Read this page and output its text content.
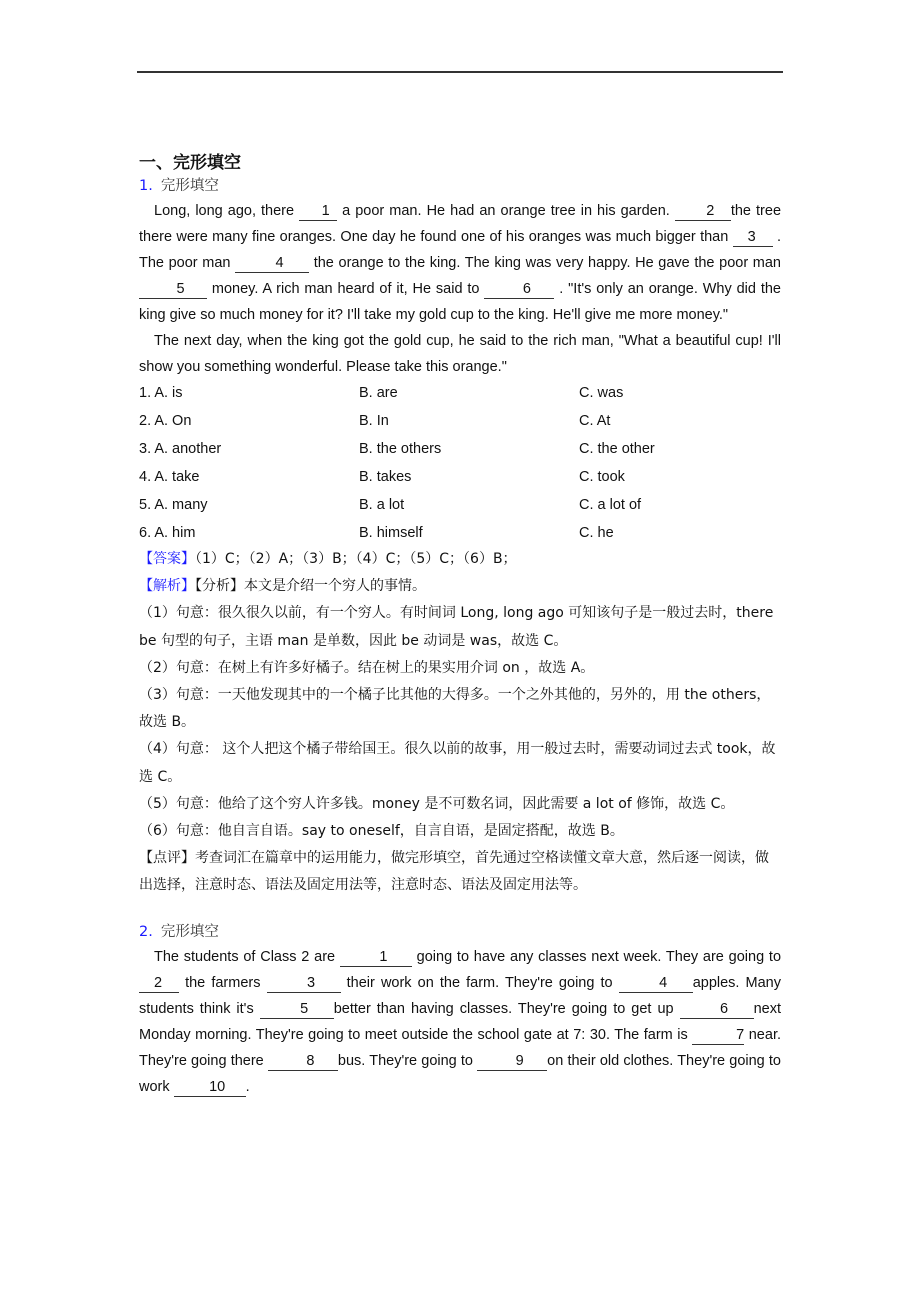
一、完形填空
1. 完形填空

Long, long ago, there 1 a poor man. He had an orange tree in his garden. 2 the tree there were many fine oranges. One day he found one of his oranges was much bigger than 3 . The poor man	4 the orange to the king. The king was very happy. He gave the poor man 5 money. A rich man heard of it, He said to	6 . "It's only an orange. Why did the king give so much money for it? I'll take my gold cup to the king. He'll give me more money."

The next day, when the king got the gold cup, he said to the rich man, "What a beautiful cup! I'll show you something wonderful. Please take this orange."

1. A. is	B. are	C. was
2. A. On	B. In	C. At
3. A. another	B. the others	C. the other
4. A. take	B. takes	C. took
5. A. many	B. a lot	C. a lot of
6. A. him	B. himself	C. he

【答案】（1）C；（2）A；（3）B；（4）C；（5）C；（6）B；

【解析】【分析】本文是介绍一个穷人的事情。

（1）句意：很久很久以前，有一个穷人。有时间词 Long, long ago 可知该句子是一般过去时，there be 句型的句子，主语 man 是单数，因此 be 动词是 was，故选 C。

（2）句意：在树上有许多好橘子。结在树上的果实用介词 on ，故选 A。

（3）句意：一天他发现其中的一个橘子比其他的大得多。一个之外其他的，另外的，用 the others，故选 B。

（4）句意： 这个人把这个橘子带给国王。很久以前的故事，用一般过去时，需要动词过去式 took，故选 C。

（5）句意：他给了这个穷人许多钱。money 是不可数名词，因此需要 a lot of 修饰，故选 C。

（6）句意：他自言自语。say to oneself，自言自语，是固定搭配，故选 B。

【点评】考查词汇在篇章中的运用能力，做完形填空，首先通过空格读懂文章大意，然后逐一阅读，做出选择，注意时态、语法及固定用法等，注意时态、语法及固定用法等。

2. 完形填空

The students of Class 2 are	1 going to have any classes next week. They are going to 2 the farmers	3 their work on the farm. They're going to	4 apples. Many students think it's	5 better than having classes. They're going to get up	6 next Monday morning. They're going to meet outside the school gate at 7: 30. The farm is	7 near. They're going there	8 bus. They're going to	9 on their old clothes. They're going to work 10 .
